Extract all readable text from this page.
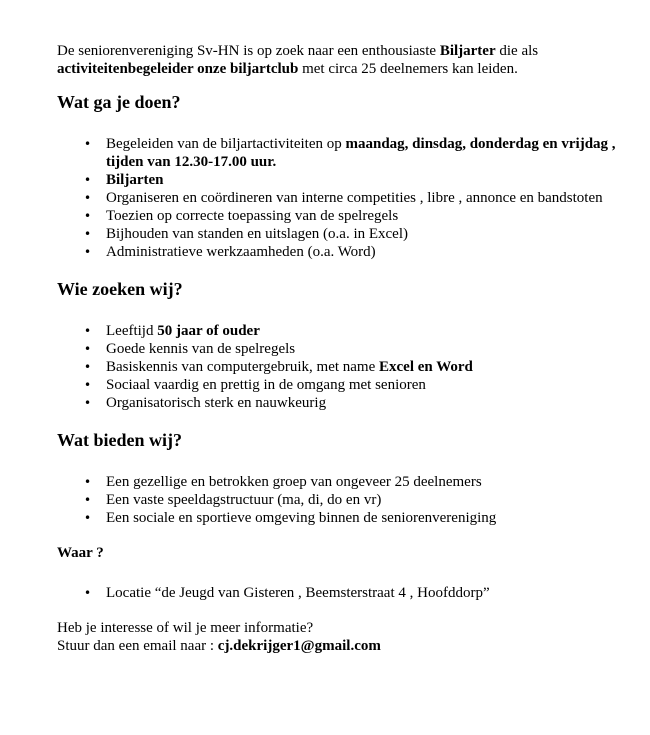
De seniorenvereniging Sv-HN is op zoek naar een enthousiaste Biljarter die als activiteitenbegeleider onze biljartclub met circa 25 deelnemers kan leiden.

Wat ga je doen?
• Begeleiden van de biljartactiviteiten op maandag, dinsdag, donderdag en vrijdag , tijden van 12.30-17.00 uur.
• Biljarten
• Organiseren en coördineren van interne competities , libre , annonce en bandstoten
• Toezien op correcte toepassing van de spelregels
• Bijhouden van standen en uitslagen (o.a. in Excel)
• Administratieve werkzaamheden (o.a. Word)
Wie zoeken wij?
• Leeftijd 50 jaar of ouder
• Goede kennis van de spelregels
• Basiskennis van computergebruik, met name Excel en Word
• Sociaal vaardig en prettig in de omgang met senioren
• Organisatorisch sterk en nauwkeurig
Wat bieden wij?
• Een gezellige en betrokken groep van ongeveer 25 deelnemers
• Een vaste speeldagstructuur (ma, di, do en vr)
• Een sociale en sportieve omgeving binnen de seniorenvereniging
Waar ?
• Locatie “de Jeugd van Gisteren , Beemsterstraat 4 , Hoofddorp”

Heb je interesse of wil je meer informatie?

Stuur dan een email naar : cj.dekrijger1@gmail.com
